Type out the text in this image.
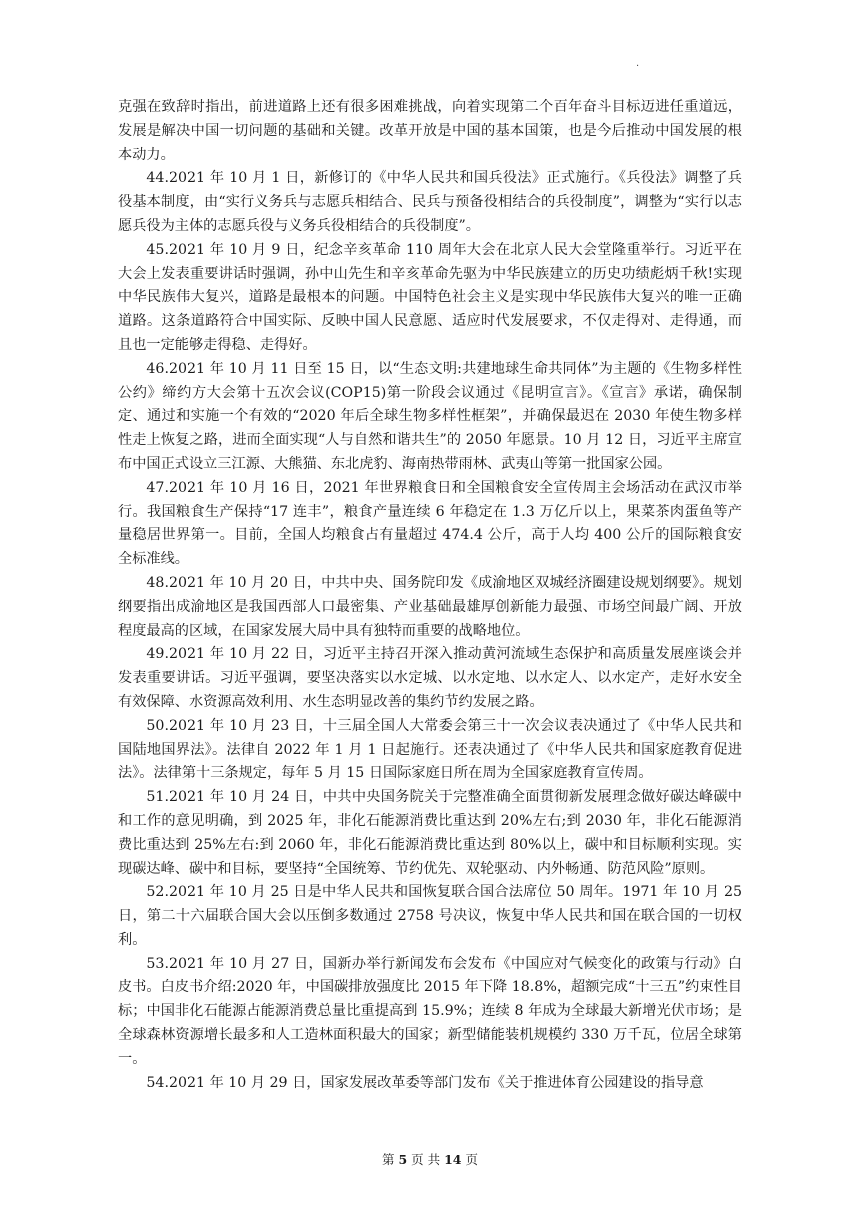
.

克强在致辞时指出，前进道路上还有很多困难挑战，向着实现第二个百年奋斗目标迈进任重道远，发展是解决中国一切问题的基础和关键。改革开放是中国的基本国策，也是今后推动中国发展的根本动力。

44.2021 年 10 月 1 日，新修订的《中华人民共和国兵役法》正式施行。《兵役法》调整了兵役基本制度，由“实行义务兵与志愿兵相结合、民兵与预备役相结合的兵役制度”，调整为“实行以志愿兵役为主体的志愿兵役与义务兵役相结合的兵役制度”。

45.2021 年 10 月 9 日，纪念辛亥革命 110 周年大会在北京人民大会堂隆重举行。习近平在大会上发表重要讲话时强调，孙中山先生和辛亥革命先驱为中华民族建立的历史功绩彪炳千秋!实现中华民族伟大复兴，道路是最根本的问题。中国特色社会主义是实现中华民族伟大复兴的唯一正确道路。这条道路符合中国实际、反映中国人民意愿、适应时代发展要求，不仅走得对、走得通，而且也一定能够走得稳、走得好。

46.2021 年 10 月 11 日至 15 日，以“生态文明:共建地球生命共同体”为主题的《生物多样性公约》缔约方大会第十五次会议(COP15)第一阶段会议通过《昆明宣言》。《宣言》承诺，确保制定、通过和实施一个有效的“2020 年后全球生物多样性框架”，并确保最迟在 2030 年使生物多样性走上恢复之路，进而全面实现“人与自然和谐共生”的 2050 年愿景。10 月 12 日，习近平主席宣布中国正式设立三江源、大熊猫、东北虎豹、海南热带雨林、武夷山等第一批国家公园。

47.2021 年 10 月 16 日，2021 年世界粮食日和全国粮食安全宣传周主会场活动在武汉市举行。我国粮食生产保持“17 连丰”，粮食产量连续 6 年稳定在 1.3 万亿斤以上，果菜茶肉蛋鱼等产量稳居世界第一。目前，全国人均粮食占有量超过 474.4 公斤，高于人均 400 公斤的国际粮食安全标准线。

48.2021 年 10 月 20 日，中共中央、国务院印发《成渝地区双城经济圈建设规划纲要》。规划纲要指出成渝地区是我国西部人口最密集、产业基础最雄厚创新能力最强、市场空间最广阔、开放程度最高的区域，在国家发展大局中具有独特而重要的战略地位。

49.2021 年 10 月 22 日，习近平主持召开深入推动黄河流域生态保护和高质量发展座谈会并发表重要讲话。习近平强调，要坚决落实以水定城、以水定地、以水定人、以水定产，走好水安全有效保障、水资源高效利用、水生态明显改善的集约节约发展之路。

50.2021 年 10 月 23 日，十三届全国人大常委会第三十一次会议表决通过了《中华人民共和国陆地国界法》。法律自 2022 年 1 月 1 日起施行。还表决通过了《中华人民共和国家庭教育促进法》。法律第十三条规定，每年 5 月 15 日国际家庭日所在周为全国家庭教育宣传周。

51.2021 年 10 月 24 日，中共中央国务院关于完整准确全面贯彻新发展理念做好碳达峰碳中和工作的意见明确，到 2025 年，非化石能源消费比重达到 20%左右;到 2030 年，非化石能源消费比重达到 25%左右:到 2060 年，非化石能源消费比重达到 80%以上，碳中和目标顺利实现。实现碳达峰、碳中和目标，要坚持“全国统筹、节约优先、双轮驱动、内外畅通、防范风险”原则。

52.2021 年 10 月 25 日是中华人民共和国恢复联合国合法席位 50 周年。1971 年 10 月 25 日，第二十六届联合国大会以压倒多数通过 2758 号决议，恢复中华人民共和国在联合国的一切权利。

53.2021 年 10 月 27 日，国新办举行新闻发布会发布《中国应对气候变化的政策与行动》白皮书。白皮书介绍:2020 年，中国碳排放强度比 2015 年下降 18.8%，超额完成“十三五”约束性目标；中国非化石能源占能源消费总量比重提高到 15.9%；连续 8 年成为全球最大新增光伏市场；是全球森林资源增长最多和人工造林面积最大的国家；新型储能装机规模约 330 万千瓦，位居全球第一。

54.2021 年 10 月 29 日，国家发展改革委等部门发布《关于推进体育公园建设的指导意

第 5 页 共 14 页
